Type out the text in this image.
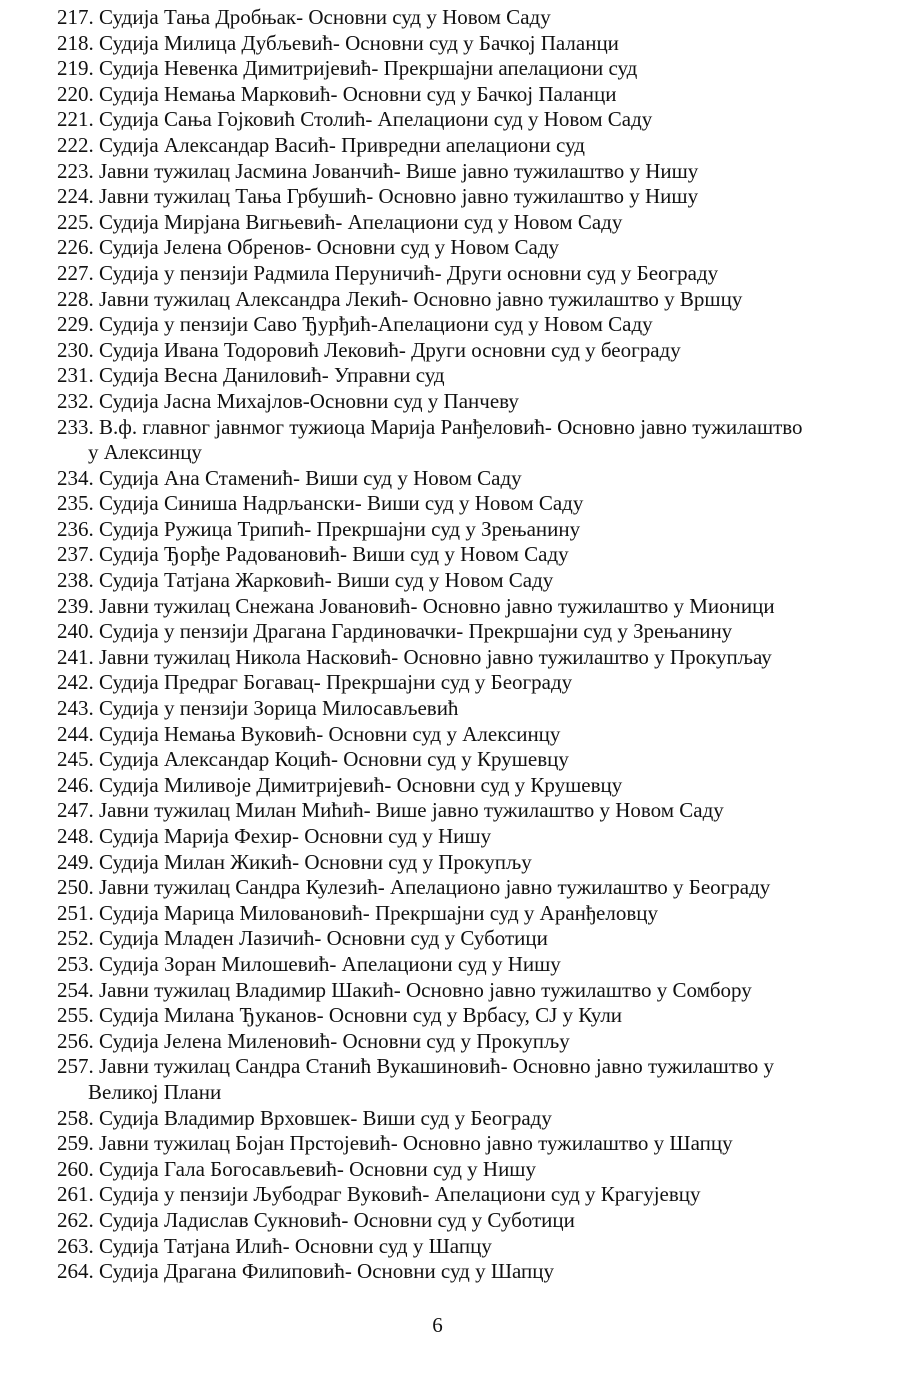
217. Судија Тања Дробњак- Основни суд у Новом Саду
218. Судија Милица Дубљевић- Основни суд у Бачкој Паланци
219. Судија Невенка Димитријевић- Прекршајни апелациони суд
220. Судија Немања Марковић- Основни суд у Бачкој Паланци
221. Судија Сања Гојковић Столић- Апелациони суд у Новом Саду
222. Судија Александар Васић- Привредни апелациони суд
223. Јавни тужилац Јасмина Јованчић- Више јавно тужилаштво у Нишу
224. Јавни тужилац Тања Грбушић- Основно јавно тужилаштво у Нишу
225. Судија Мирјана Вигњевић- Апелациони суд у Новом Саду
226. Судија Јелена Обренов- Основни суд у Новом Саду
227. Судија у пензији Радмила Перуничић- Други основни суд у Београду
228. Јавни тужилац Александра Лекић- Основно јавно тужилаштво у Вршцу
229. Судија у пензији Саво Ђурђић-Апелациони суд у Новом Саду
230. Судија Ивана Тодоровић Лековић- Други основни суд у београду
231. Судија Весна Даниловић- Управни суд
232. Судија Јасна Михајлов-Основни суд у Панчеву
233. В.ф. главног јавнмог тужиоца Марија Ранђеловић- Основно јавно тужилаштво
у Алексинцу
234. Судија Ана Стаменић- Виши суд у Новом Саду
235. Судија Синиша Надрљански- Виши суд у Новом Саду
236. Судија Ружица Трипић- Прекршајни суд у Зрењанину
237. Судија Ђорђе Радовановић- Виши суд у Новом Саду
238. Судија Татјана Жарковић- Виши суд у Новом Саду
239. Јавни тужилац Снежана Јовановић- Основно јавно тужилаштво у Мионици
240. Судија у пензији Драгана Гардиновачки- Прекршајни суд у Зрењанину
241. Јавни тужилац Никола Насковић- Основно јавно тужилаштво у Прокупљау
242. Судија Предраг Богавац- Прекршајни суд у Београду
243. Судија у пензији Зорица Милосављевић
244. Судија Немања Вуковић- Основни суд у Алексинцу
245. Судија Александар Коцић- Основни суд у Крушевцу
246. Судија Миливоје Димитријевић- Основни суд у Крушевцу
247. Јавни тужилац Милан Мићић- Више јавно тужилаштво у Новом Саду
248. Судија Марија Фехир- Основни суд у Нишу
249. Судија Милан Жикић- Основни суд у Прокупљу
250. Јавни тужилац Сандра Кулезић- Апелационо јавно тужилаштво у Београду
251. Судија Марица Миловановић- Прекршајни суд у Аранђеловцу
252. Судија Младен Лазичић- Основни суд у Суботици
253. Судија Зоран Милошевић- Апелациони суд у Нишу
254. Јавни тужилац Владимир Шакић- Основно јавно тужилаштво у Сомбору
255. Судија Милана Ђуканов- Основни суд у Врбасу, СЈ у Кули
256. Судија Јелена Миленовић- Основни суд у Прокупљу
257. Јавни тужилац Сандра Станић Вукашиновић- Основно јавно тужилаштво у
Великој Плани
258. Судија Владимир Врховшек- Виши суд у Београду
259. Јавни тужилац Бојан Прстојевић- Основно јавно тужилаштво у Шапцу
260. Судија Гала Богосављевић- Основни суд у Нишу
261. Судија у пензији Љубодраг Вуковић- Апелациони суд у Крагујевцу
262. Судија Ладислав Сукновић- Основни суд у Суботици
263. Судија Татјана Илић- Основни суд у Шапцу
264. Судија Драгана Филиповић- Основни суд у Шапцу
6
